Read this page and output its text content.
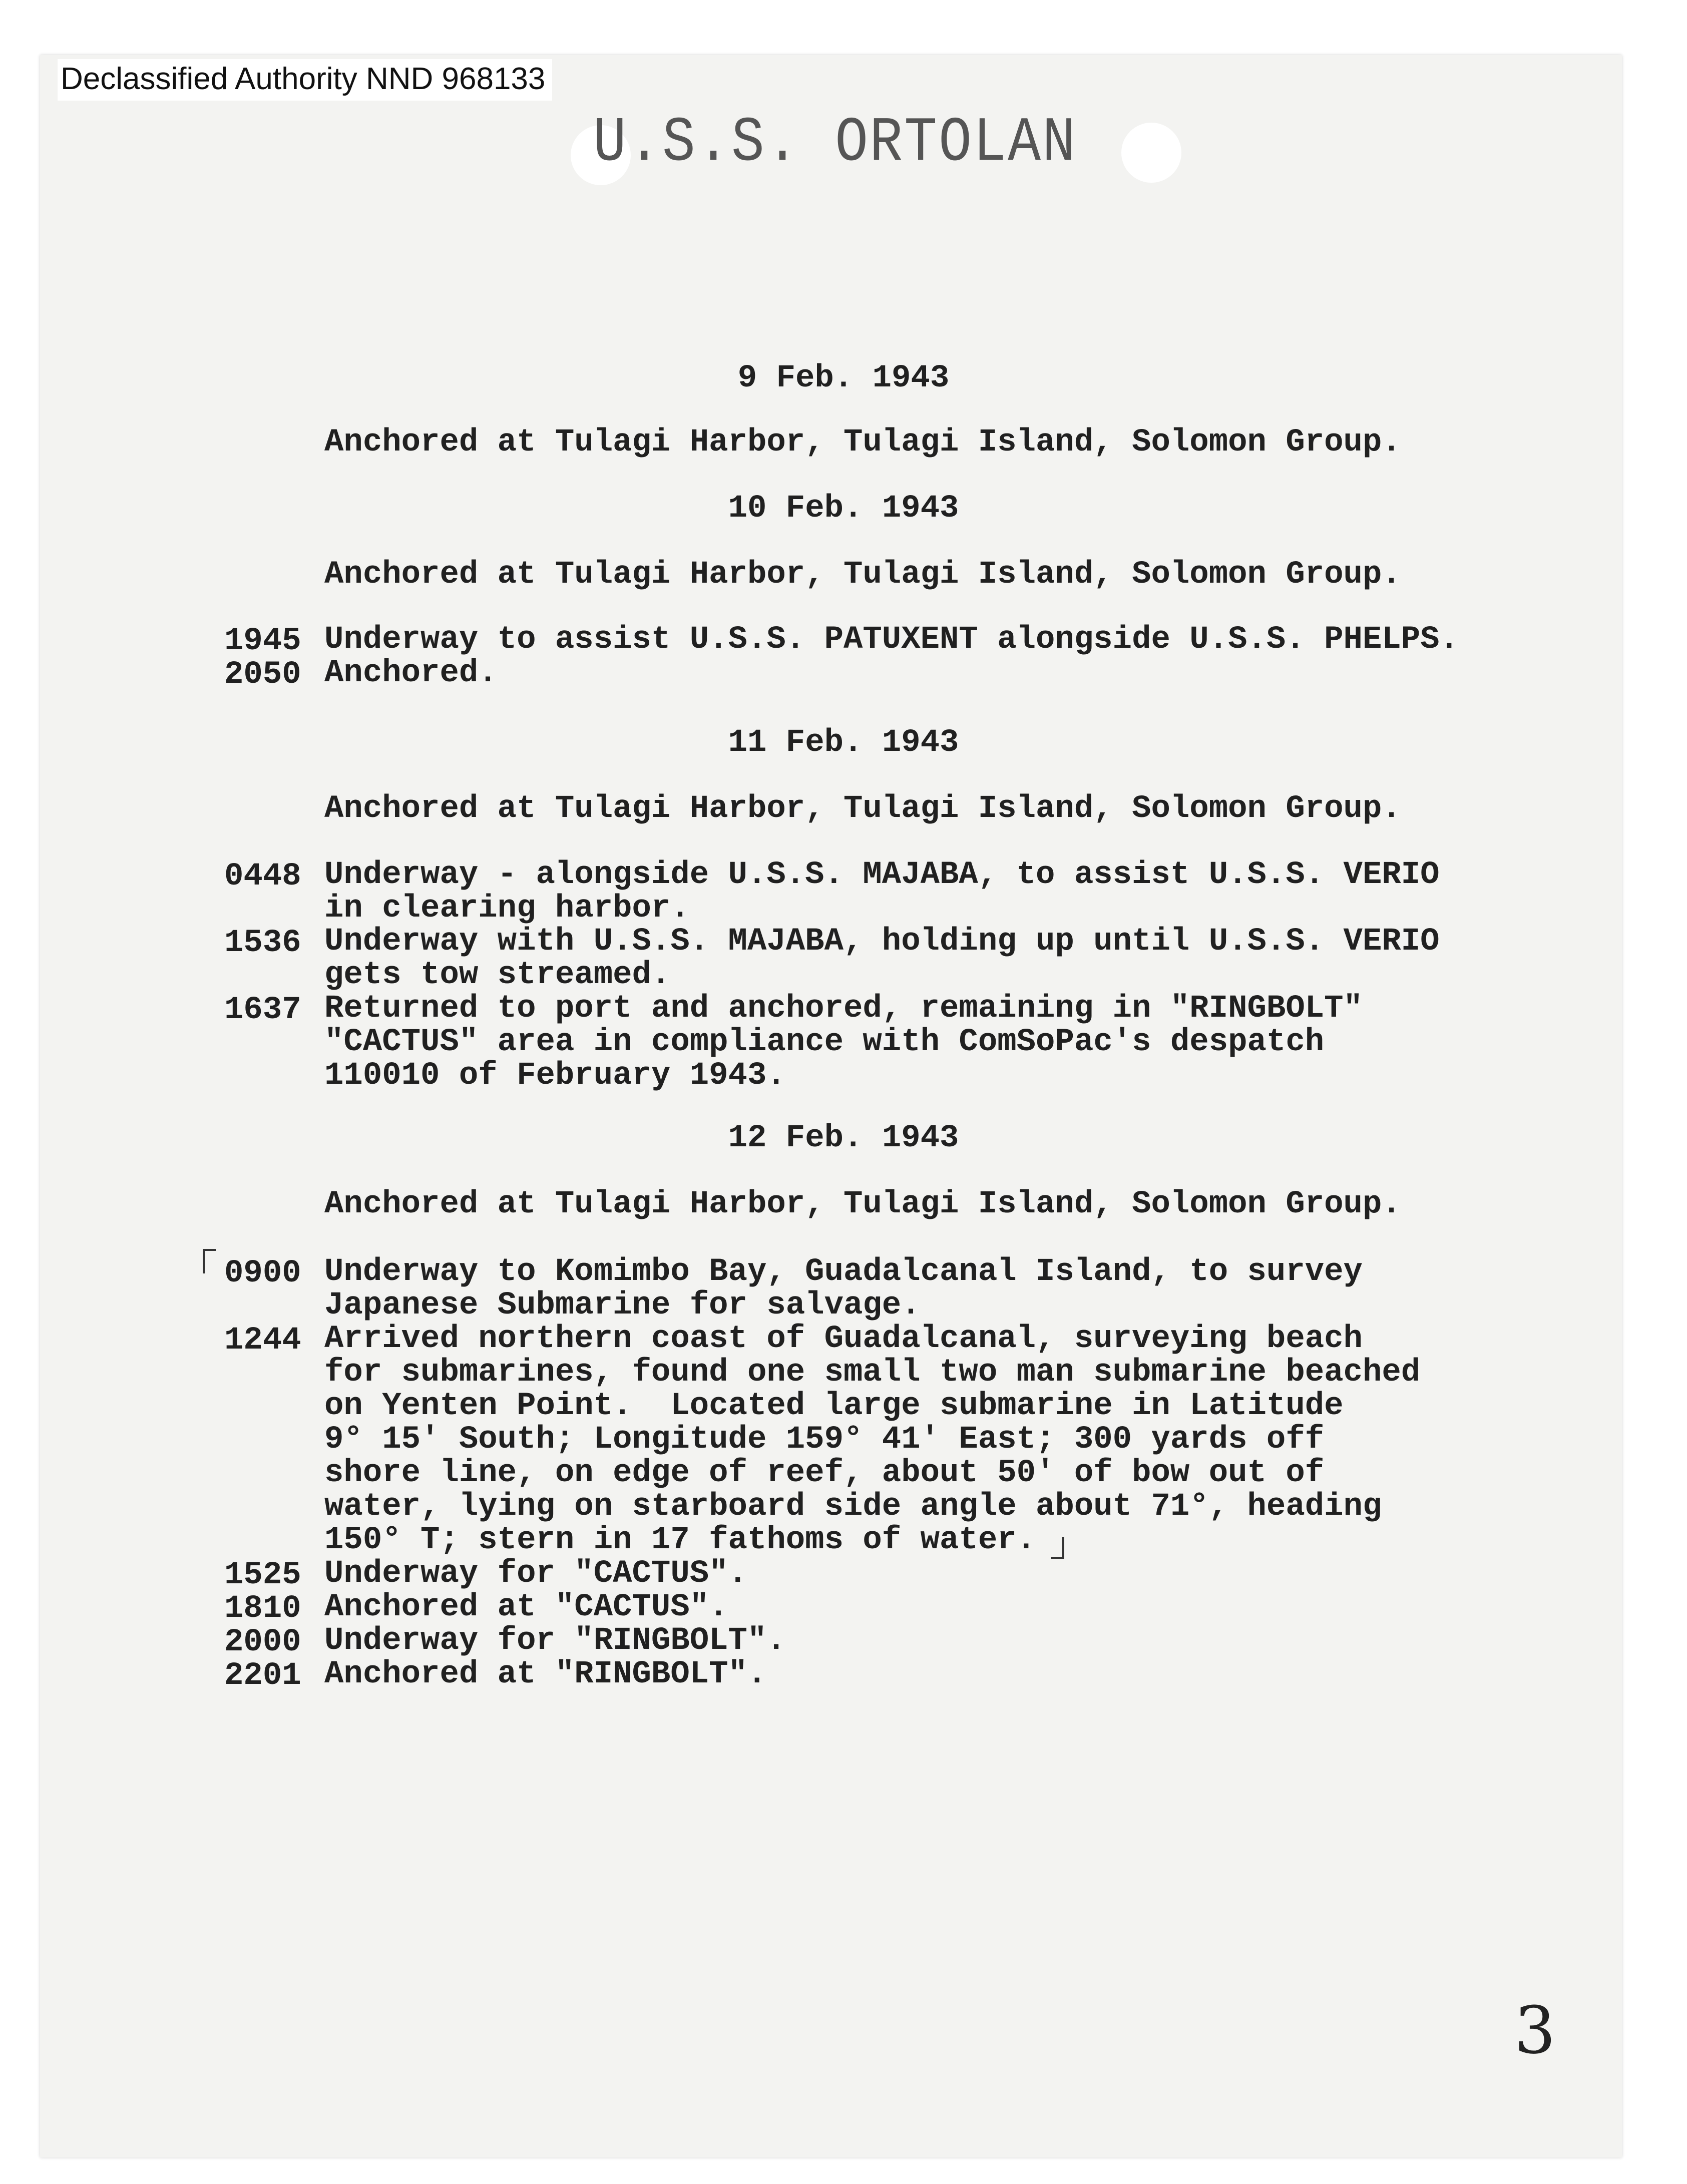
Declassified Authority NND 968133
U.S.S. ORTOLAN
9 Feb. 1943
Anchored at Tulagi Harbor, Tulagi Island, Solomon Group.
10 Feb. 1943
Anchored at Tulagi Harbor, Tulagi Island, Solomon Group.
1945 Underway to assist U.S.S. PATUXENT alongside U.S.S. PHELPS.
2050 Anchored.
11 Feb. 1943
Anchored at Tulagi Harbor, Tulagi Island, Solomon Group.
0448 Underway - alongside U.S.S. MAJABA, to assist U.S.S. VERIO
in clearing harbor.
1536 Underway with U.S.S. MAJABA, holding up until U.S.S. VERIO
gets tow streamed.
1637 Returned to port and anchored, remaining in "RINGBOLT"
"CACTUS" area in compliance with ComSoPac's despatch
110010 of February 1943.
12 Feb. 1943
Anchored at Tulagi Harbor, Tulagi Island, Solomon Group.
0900 Underway to Komimbo Bay, Guadalcanal Island, to survey
Japanese Submarine for salvage.
1244 Arrived northern coast of Guadalcanal, surveying beach
for submarines, found one small two man submarine beached
on Yenten Point.  Located large submarine in Latitude
9° 15' South; Longitude 159° 41' East; 300 yards off
shore line, on edge of reef, about 50' of bow out of
water, lying on starboard side angle about 71°, heading
150° T; stern in 17 fathoms of water.
1525 Underway for "CACTUS".
1810 Anchored at "CACTUS".
2000 Underway for "RINGBOLT".
2201 Anchored at "RINGBOLT".
3
